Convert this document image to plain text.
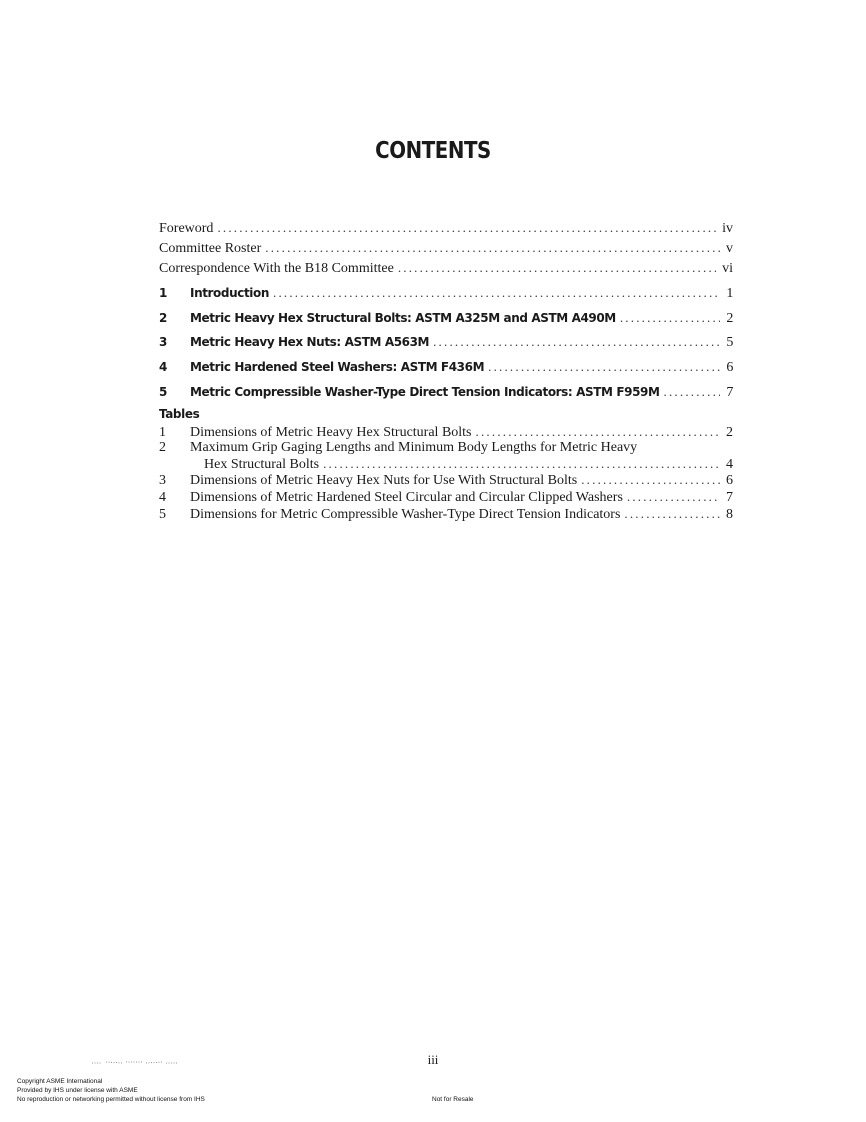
CONTENTS
Foreword .....	iv
Committee Roster .....	v
Correspondence With the B18 Committee .....	vi
1	Introduction .....	1
2	Metric Heavy Hex Structural Bolts: ASTM A325M and ASTM A490M .....	2
3	Metric Heavy Hex Nuts: ASTM A563M .....	5
4	Metric Hardened Steel Washers: ASTM F436M .....	6
5	Metric Compressible Washer-Type Direct Tension Indicators: ASTM F959M .....	7
Tables
1	Dimensions of Metric Heavy Hex Structural Bolts .....	2
2	Maximum Grip Gaging Lengths and Minimum Body Lengths for Metric Heavy
Hex Structural Bolts .....	4
3	Dimensions of Metric Heavy Hex Nuts for Use With Structural Bolts .....	6
4	Dimensions of Metric Hardened Steel Circular and Circular Clipped Washers .....	7
5	Dimensions for Metric Compressible Washer-Type Direct Tension Indicators .....	8
iii
Copyright ASME International
Provided by IHS under license with ASME
No reproduction or networking permitted without license from IHS	Not for Resale
